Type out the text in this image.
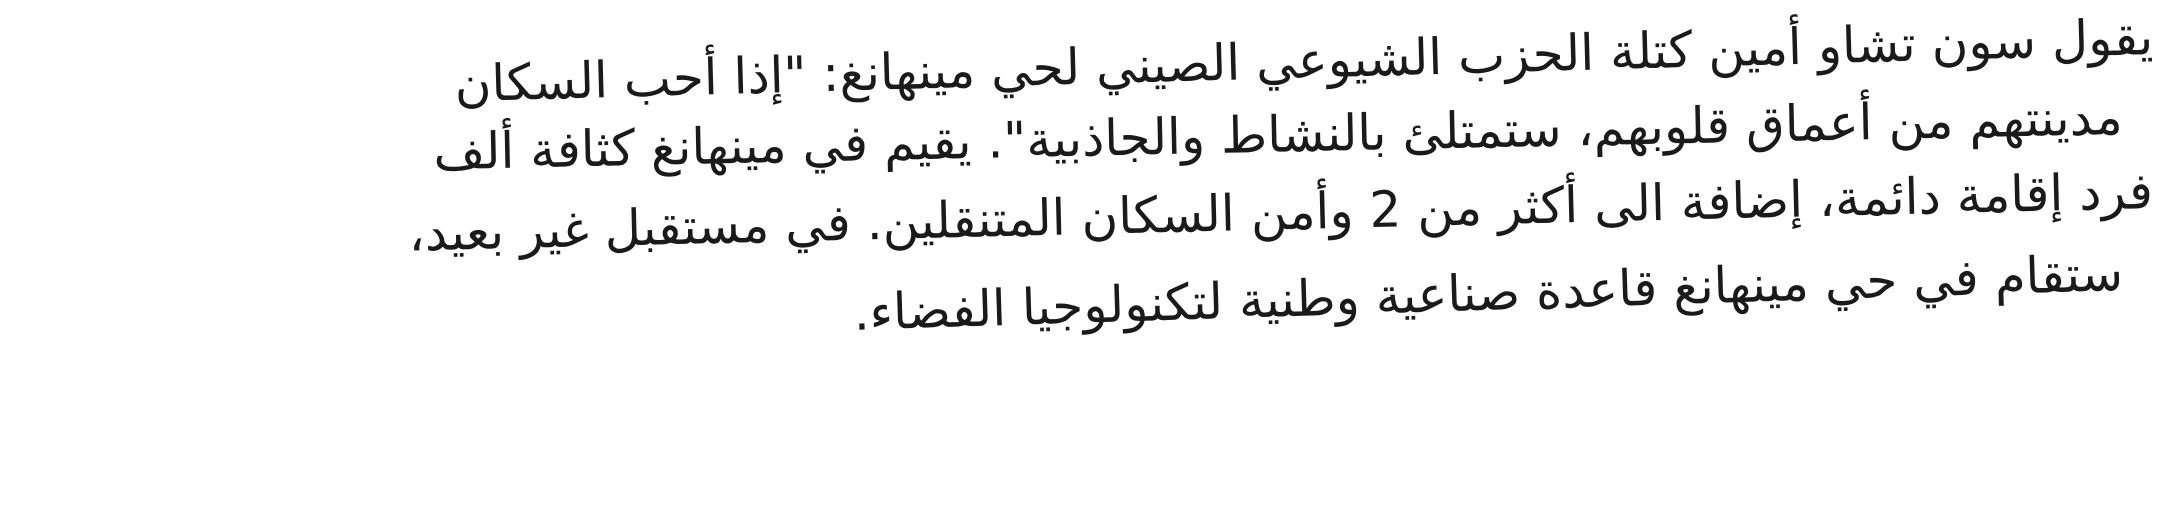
يقول سون تشاو أمين كتلة الحزب الشيوعي الصيني لحي مينهانغ: "إذا أحب السكان
مدينتهم من أعماق قلوبهم، ستمتلئ بالنشاط والجاذبية". يقيم في مينهانغ كثافة ألف
فرد إقامة دائمة، إضافة الى أكثر من 2 وأمن السكان المتنقلين. في مستقبل غير بعيد،
ستقام في حي مينهانغ قاعدة صناعية وطنية لتكنولوجيا الفضاء.
